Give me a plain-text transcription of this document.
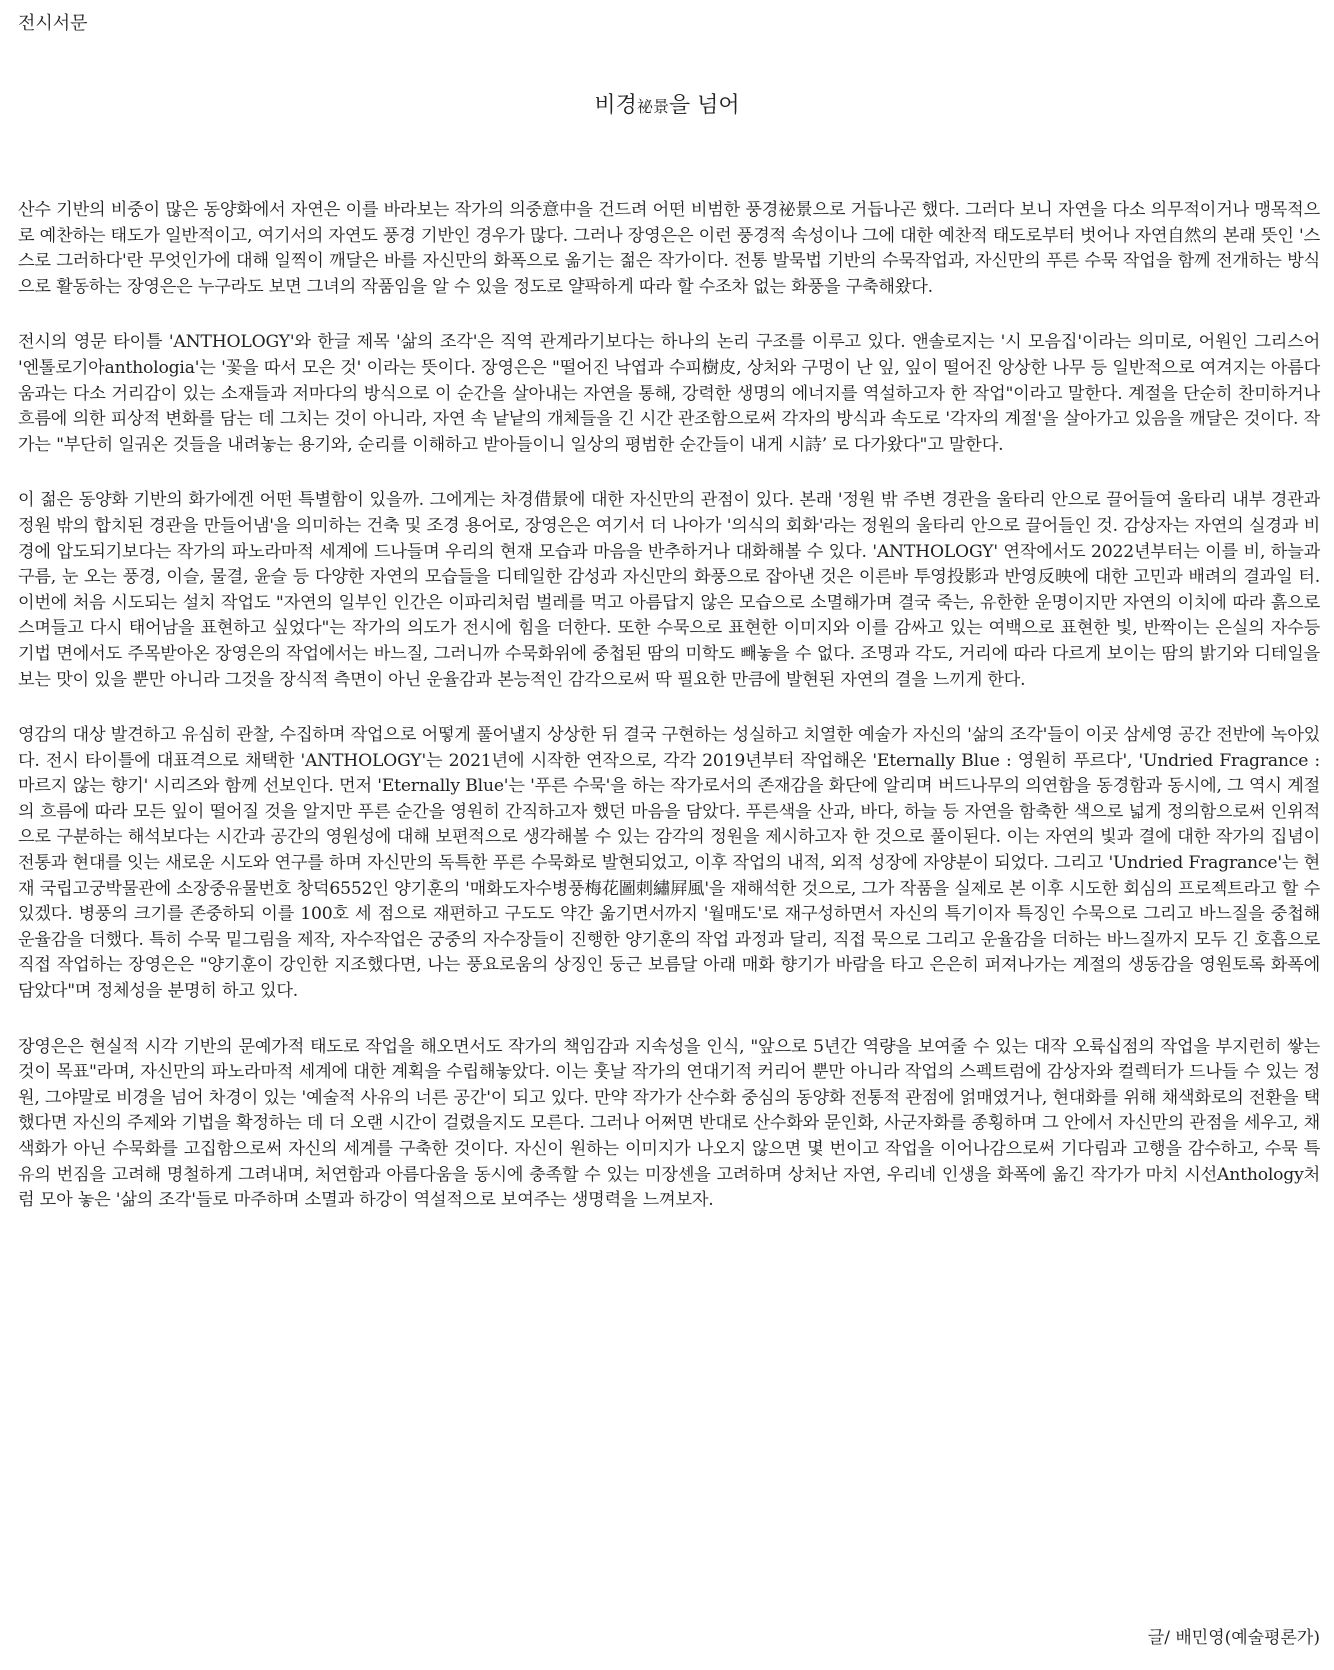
전시서문
비경祕景을 넘어

산수 기반의 비중이 많은 동양화에서 자연은 이를 바라보는 작가의 의중意中을 건드려 어떤 비범한 풍경祕景으로 거듭나곤 했다. 그러다 보니 자연을 다소 의무적이거나 맹목적으로 예찬하는 태도가 일반적이고, 여기서의 자연도 풍경 기반인 경우가 많다. 그러나 장영은은 이런 풍경적 속성이나 그에 대한 예찬적 태도로부터 벗어나 자연自然의 본래 뜻인 '스스로 그러하다'란 무엇인가에 대해 일찍이 깨달은 바를 자신만의 화폭으로 옮기는 젊은 작가이다. 전통 발묵법 기반의 수묵작업과, 자신만의 푸른 수묵 작업을 함께 전개하는 방식으로 활동하는 장영은은 누구라도 보면 그녀의 작품임을 알 수 있을 정도로 얄팍하게 따라 할 수조차 없는 화풍을 구축해왔다.

전시의 영문 타이틀 'ANTHOLOGY'와 한글 제목 '삶의 조각'은 직역 관계라기보다는 하나의 논리 구조를 이루고 있다. 앤솔로지는 '시 모음집'이라는 의미로, 어원인 그리스어 '엔톨로기아anthologia'는 '꽃을 따서 모은 것' 이라는 뜻이다. 장영은은 "떨어진 낙엽과 수피樹皮, 상처와 구멍이 난 잎, 잎이 떨어진 앙상한 나무 등 일반적으로 여겨지는 아름다움과는 다소 거리감이 있는 소재들과 저마다의 방식으로 이 순간을 살아내는 자연을 통해, 강력한 생명의 에너지를 역설하고자 한 작업"이라고 말한다. 계절을 단순히 찬미하거나 흐름에 의한 피상적 변화를 담는 데 그치는 것이 아니라, 자연 속 낱낱의 개체들을 긴 시간 관조함으로써 각자의 방식과 속도로 '각자의 계절'을 살아가고 있음을 깨달은 것이다. 작가는 "부단히 일궈온 것들을 내려놓는 용기와, 순리를 이해하고 받아들이니 일상의 평범한 순간들이 내게 시詩’ 로 다가왔다"고 말한다.

이 젊은 동양화 기반의 화가에겐 어떤 특별함이 있을까. 그에게는 차경借景에 대한 자신만의 관점이 있다. 본래 '정원 밖 주변 경관을 울타리 안으로 끌어들여 울타리 내부 경관과 정원 밖의 합치된 경관을 만들어냄'을 의미하는 건축 및 조경 용어로, 장영은은 여기서 더 나아가 '의식의 회화'라는 정원의 울타리 안으로 끌어들인 것. 감상자는 자연의 실경과 비경에 압도되기보다는 작가의 파노라마적 세계에 드나들며 우리의 현재 모습과 마음을 반추하거나 대화해볼 수 있다. 'ANTHOLOGY' 연작에서도 2022년부터는 이를 비, 하늘과 구름, 눈 오는 풍경, 이슬, 물결, 윤슬 등 다양한 자연의 모습들을 디테일한 감성과 자신만의 화풍으로 잡아낸 것은 이른바 투영投影과 반영反映에 대한 고민과 배려의 결과일 터. 이번에 처음 시도되는 설치 작업도 "자연의 일부인 인간은 이파리처럼 벌레를 먹고 아름답지 않은 모습으로 소멸해가며 결국 죽는, 유한한 운명이지만 자연의 이치에 따라 흙으로 스며들고 다시 태어남을 표현하고 싶었다"는 작가의 의도가 전시에 힘을 더한다. 또한 수묵으로 표현한 이미지와 이를 감싸고 있는 여백으로 표현한 빛, 반짝이는 은실의 자수등 기법 면에서도 주목받아온 장영은의 작업에서는 바느질, 그러니까 수묵화위에 중첩된 땀의 미학도 빼놓을 수 없다. 조명과 각도, 거리에 따라 다르게 보이는 땀의 밝기와 디테일을 보는 맛이 있을 뿐만 아니라 그것을 장식적 측면이 아닌 운율감과 본능적인 감각으로써 딱 필요한 만큼에 발현된 자연의 결을 느끼게 한다.

영감의 대상 발견하고 유심히 관찰, 수집하며 작업으로 어떻게 풀어낼지 상상한 뒤 결국 구현하는 성실하고 치열한 예술가 자신의 '삶의 조각'들이 이곳 삼세영 공간 전반에 녹아있다. 전시 타이틀에 대표격으로 채택한 'ANTHOLOGY'는 2021년에 시작한 연작으로, 각각 2019년부터 작업해온 'Eternally Blue : 영원히 푸르다', 'Undried Fragrance : 마르지 않는 향기' 시리즈와 함께 선보인다. 먼저 'Eternally Blue'는 '푸른 수묵'을 하는 작가로서의 존재감을 화단에 알리며 버드나무의 의연함을 동경함과 동시에, 그 역시 계절의 흐름에 따라 모든 잎이 떨어질 것을 알지만 푸른 순간을 영원히 간직하고자 했던 마음을 담았다. 푸른색을 산과, 바다, 하늘 등 자연을 함축한 색으로 넓게 정의함으로써 인위적으로 구분하는 해석보다는 시간과 공간의 영원성에 대해 보편적으로 생각해볼 수 있는 감각의 정원을 제시하고자 한 것으로 풀이된다. 이는 자연의 빛과 결에 대한 작가의 집념이 전통과 현대를 잇는 새로운 시도와 연구를 하며 자신만의 독특한 푸른 수묵화로 발현되었고, 이후 작업의 내적, 외적 성장에 자양분이 되었다. 그리고 'Undried Fragrance'는 현재 국립고궁박물관에 소장중유물번호 창덕6552인 양기훈의 '매화도자수병풍梅花圖刺繡屛風'을 재해석한 것으로, 그가 작품을 실제로 본 이후 시도한 회심의 프로젝트라고 할 수 있겠다. 병풍의 크기를 존중하되 이를 100호 세 점으로 재편하고 구도도 약간 옮기면서까지 '월매도'로 재구성하면서 자신의 특기이자 특징인 수묵으로 그리고 바느질을 중첩해 운율감을 더했다. 특히 수묵 밑그림을 제작, 자수작업은 궁중의 자수장들이 진행한 양기훈의 작업 과정과 달리, 직접 묵으로 그리고 운율감을 더하는 바느질까지 모두 긴 호흡으로 직접 작업하는 장영은은 "양기훈이 강인한 지조했다면, 나는 풍요로움의 상징인 둥근 보름달 아래 매화 향기가 바람을 타고 은은히 퍼져나가는 계절의 생동감을 영원토록 화폭에 담았다"며 정체성을 분명히 하고 있다.

장영은은 현실적 시각 기반의 문예가적 태도로 작업을 해오면서도 작가의 책임감과 지속성을 인식, "앞으로 5년간 역량을 보여줄 수 있는 대작 오륙십점의 작업을 부지런히 쌓는 것이 목표"라며, 자신만의 파노라마적 세계에 대한 계획을 수립해놓았다. 이는 훗날 작가의 연대기적 커리어 뿐만 아니라 작업의 스펙트럼에 감상자와 컬렉터가 드나들 수 있는 정원, 그야말로 비경을 넘어 차경이 있는 '예술적 사유의 너른 공간'이 되고 있다. 만약 작가가 산수화 중심의 동양화 전통적 관점에 얽매였거나, 현대화를 위해 채색화로의 전환을 택했다면 자신의 주제와 기법을 확정하는 데 더 오랜 시간이 걸렸을지도 모른다. 그러나 어쩌면 반대로 산수화와 문인화, 사군자화를 종횡하며 그 안에서 자신만의 관점을 세우고, 채색화가 아닌 수묵화를 고집함으로써 자신의 세계를 구축한 것이다. 자신이 원하는 이미지가 나오지 않으면 몇 번이고 작업을 이어나감으로써 기다림과 고행을 감수하고, 수묵 특유의 번짐을 고려해 명철하게 그려내며, 처연함과 아름다움을 동시에 충족할 수 있는 미장센을 고려하며 상처난 자연, 우리네 인생을 화폭에 옮긴 작가가 마치 시선Anthology처럼 모아 놓은 '삶의 조각'들로 마주하며 소멸과 하강이 역설적으로 보여주는 생명력을 느껴보자.

글/ 배민영(예술평론가)
